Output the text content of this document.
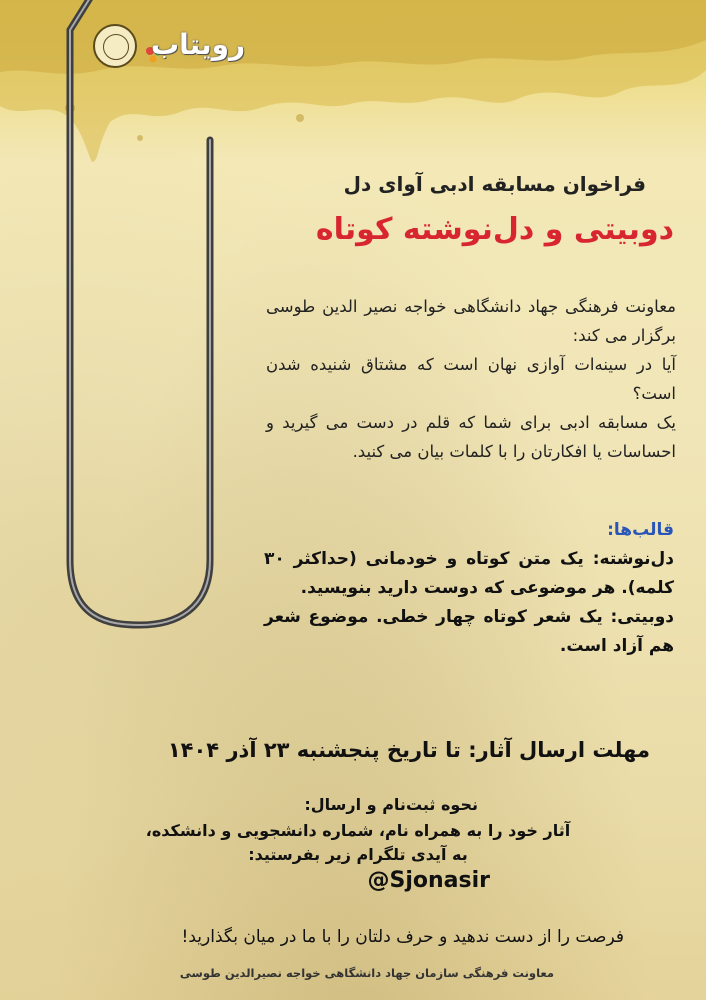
رویتاب
فراخوان مسابقه ادبی آوای دل
دوبیتی و دل‌نوشته کوتاه

معاونت فرهنگی جهاد دانشگاهی خواجه نصیر الدین طوسی برگزار می کند:

آیا در سینه‌ات آوازی نهان است که مشتاق شنیده شدن است؟

یک مسابقه ادبی برای شما که قلم در دست می گیرید و احساسات یا افکارتان را با کلمات بیان می کنید.

قالب‌ها:

دل‌نوشته: یک متن کوتاه و خودمانی (حداکثر ۳۰ کلمه). هر موضوعی که دوست دارید بنویسید.

دوبیتی: یک شعر کوتاه چهار خطی. موضوع شعر هم آزاد است.

مهلت ارسال آثار: تا تاریخ پنجشنبه ۲۳ آذر ۱۴۰۴
نحوه ثبت‌نام و ارسال:

آثار خود را به همراه نام، شماره دانشجویی و دانشکده،

به آیدی تلگرام زیر بفرستید:

@Sjonasir
فرصت را از دست ندهید و حرف دلتان را با ما در میان بگذارید!
معاونت فرهنگی سازمان جهاد دانشگاهی خواجه نصیرالدین طوسی
